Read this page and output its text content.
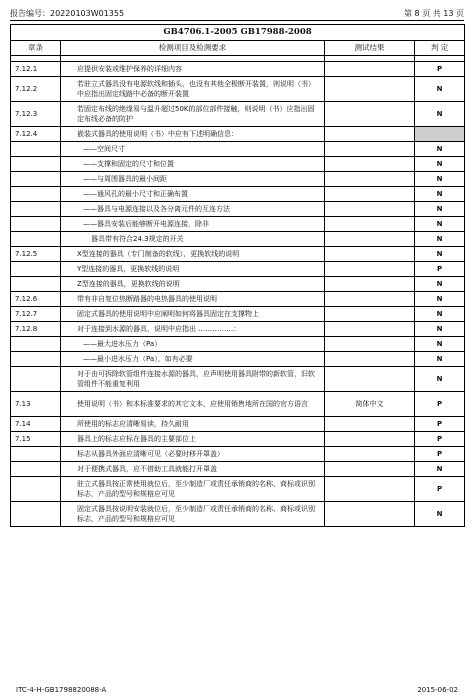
报告编号：20220103W01355	第 8 页 共 13 页
GB4706.1-2005 GB17988-2008			
章条	检测项目及检测要求	测试结果	判 定

7.12.1	应提供安装或维护保养的详细内容		P
7.12.2	若驻立式器具没有电源软线和插头，也没有其他全极断开装置，则说明（书）中应指出固定线路中必备的断开装置		N
7.12.3	若固定布线的绝缘易与温升超过50K的部位部件接触，则说明（书）应指出固定布线必备的防护		N
7.12.4	嵌装式器具的使用说明（书）中应有下述明确信息：		
	——空间尺寸		N
	——支撑和固定的尺寸和位置		N
	——与周围器具的最小间距		N
	——通风孔的最小尺寸和正确布置		N
	——器具与电源连接以及各分离元件的互连方法		N
	——器具安装后能够断开电源连接，除非		N
	器具带有符合24.3规定的开关		N
7.12.5	X型连接的器具（专门制备的软线），更换软线的说明		N
	Y型连接的器具，更换软线的说明		P
	Z型连接的器具，更换软线的说明		N
7.12.6	带有非自复位热断路器的电热器具的使用说明		N
7.12.7	固定式器具的使用说明中应阐明如何将器具固定在支撑物上		N
7.12.8	对于连接到水源的器具，说明中应指出 ……………：		N
	——最大进水压力（Pa）		N
	——最小进水压力（Pa），如有必要		N
	对于由可拆除软管组件连接水源的器具，应声明使用器具附带的新软管，旧软管组件不能重复利用		N
7.13	使用说明（书）和本标准要求的其它文本，应使用销售地所在国的官方语言	简体中文	P
7.14	所使用的标志应清晰易读，持久耐用		P
7.15	器具上的标志应标在器具的主要部位上		P
	标志从器具外面应清晰可见（必要时移开罩盖）		P
	对于便携式器具，应不借助工具就能打开罩盖		N
	驻立式器具按正常使用就位后，至少制造厂或责任承销商的名称、商标或识别标志，产品的型号和规格应可见		P
	固定式器具按说明安装就位后，至少制造厂或责任承销商的名称、商标或识别标志，产品的型号和规格应可见		N
ITC-4-H-GB1798820088-A	2015-06-02
